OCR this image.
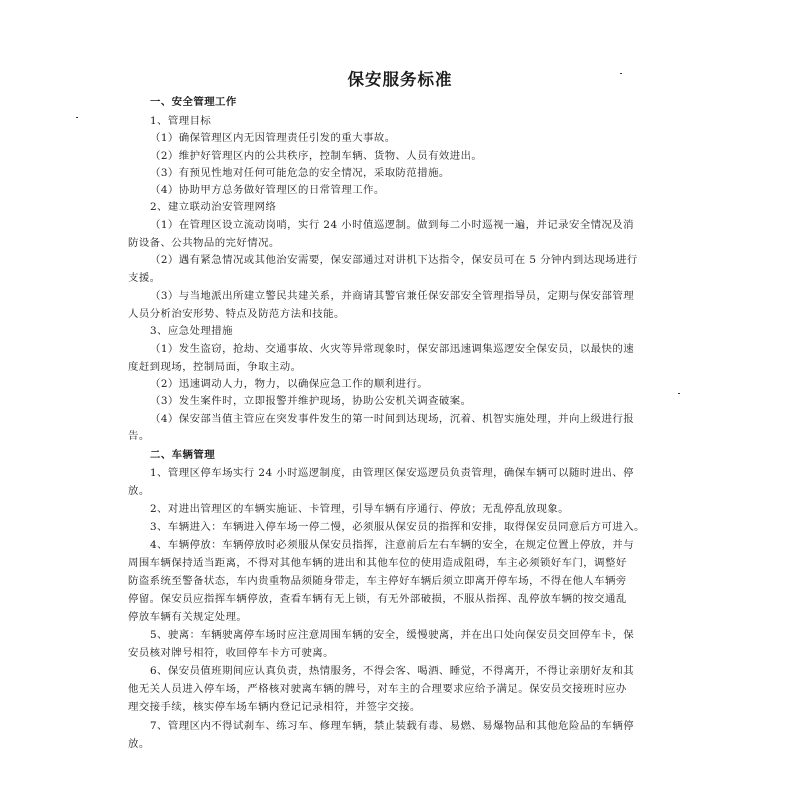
保安服务标准
一、安全管理工作
1、管理目标
（1）确保管理区内无因管理责任引发的重大事故。
（2）维护好管理区内的公共秩序，控制车辆、货物、人员有效进出。
（3）有预见性地对任何可能危急的安全情况，采取防范措施。
（4）协助甲方总务做好管理区的日常管理工作。
2、建立联动治安管理网络
（1）在管理区设立流动岗哨，实行 24 小时值巡逻制。做到每二小时巡视一遍，并记录安全情况及消
防设备、公共物品的完好情况。
（2）遇有紧急情况或其他治安需要，保安部通过对讲机下达指令，保安员可在 5 分钟内到达现场进行
支援。
（3）与当地派出所建立警民共建关系，并商请其警官兼任保安部安全管理指导员，定期与保安部管理
人员分析治安形势、特点及防范方法和技能。
3、应急处理措施
（1）发生盗窃，抢劫、交通事故、火灾等异常现象时，保安部迅速调集巡逻安全保安员，以最快的速
度赶到现场，控制局面，争取主动。
（2）迅速调动人力，物力，以确保应急工作的顺利进行。
（3）发生案件时，立即报警并维护现场，协助公安机关调查破案。
（4）保安部当值主管应在突发事件发生的第一时间到达现场，沉着、机智实施处理，并向上级进行报
告。
二、车辆管理
1、管理区停车场实行 24 小时巡逻制度，由管理区保安巡逻员负责管理，确保车辆可以随时进出、停
放。
2、对进出管理区的车辆实施证、卡管理，引导车辆有序通行、停放；无乱停乱放现象。
3、车辆进入：车辆进入停车场一停二慢，必须服从保安员的指挥和安排，取得保安员同意后方可进入。
4、车辆停放：车辆停放时必须服从保安员指挥，注意前后左右车辆的安全，在规定位置上停放，并与
周围车辆保持适当距离，不得对其他车辆的进出和其他车位的使用造成阻碍，车主必须锁好车门，调整好
防盗系统至警备状态，车内贵重物品须随身带走，车主停好车辆后须立即离开停车场，不得在他人车辆旁
停留。保安员应指挥车辆停放，查看车辆有无上锁，有无外部破损，不服从指挥、乱停放车辆的按交通乱
停放车辆有关规定处理。
5、驶离：车辆驶离停车场时应注意周围车辆的安全，缓慢驶离，并在出口处向保安员交回停车卡，保
安员核对牌号相符，收回停车卡方可驶离。
6、保安员值班期间应认真负责，热情服务，不得会客、喝酒、睡觉，不得离开，不得让亲朋好友和其
他无关人员进入停车场，严格核对驶离车辆的牌号，对车主的合理要求应给予满足。保安员交接班时应办
理交接手续，核实停车场车辆内登记记录相符，并签字交接。
7、管理区内不得试刹车、练习车、修理车辆，禁止装载有毒、易燃、易爆物品和其他危险品的车辆停
放。
